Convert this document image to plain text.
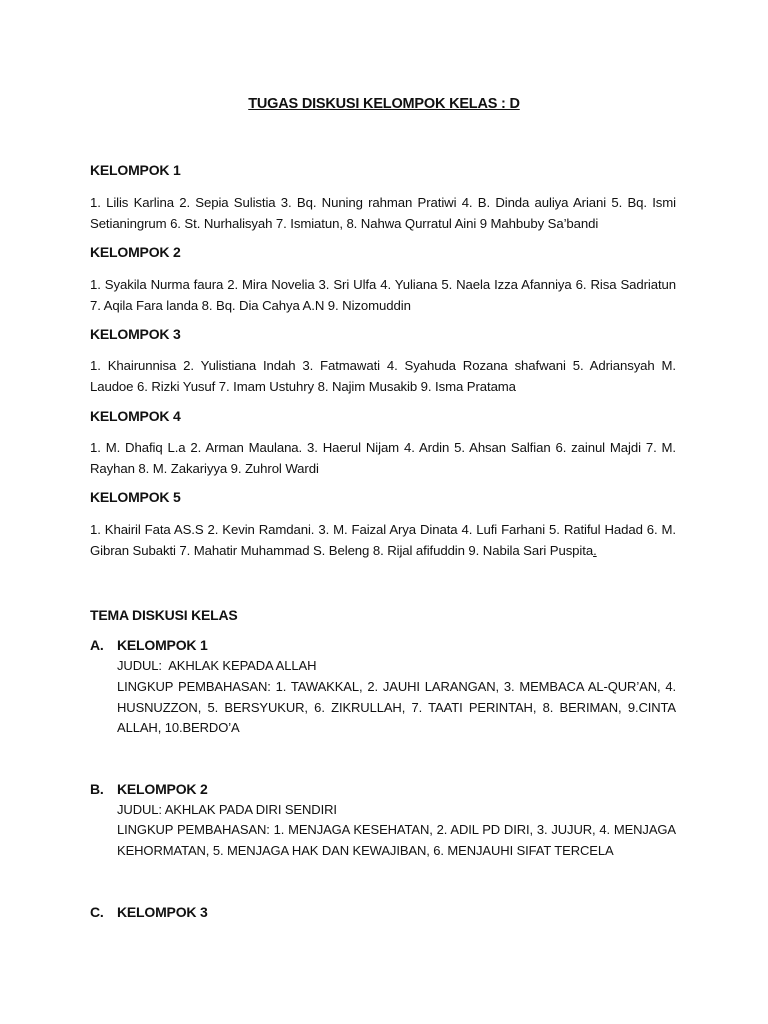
TUGAS DISKUSI KELOMPOK KELAS : D
KELOMPOK 1
1. Lilis Karlina 2. Sepia Sulistia 3. Bq. Nuning rahman Pratiwi 4. B. Dinda auliya Ariani 5. Bq. Ismi Setianingrum 6. St. Nurhalisyah 7. Ismiatun, 8. Nahwa Qurratul Aini 9 Mahbuby Sa’bandi
KELOMPOK 2
1. Syakila Nurma faura 2. Mira Novelia 3. Sri Ulfa 4. Yuliana 5. Naela Izza Afanniya 6. Risa Sadriatun 7. Aqila Fara landa 8. Bq. Dia Cahya A.N 9. Nizomuddin
KELOMPOK 3
1. Khairunnisa 2. Yulistiana Indah 3. Fatmawati 4. Syahuda Rozana shafwani 5. Adriansyah M. Laudoe 6. Rizki Yusuf 7. Imam Ustuhry 8. Najim Musakib 9. Isma Pratama
KELOMPOK 4
1. M. Dhafiq L.a 2. Arman Maulana. 3. Haerul Nijam 4. Ardin 5. Ahsan Salfian 6. zainul Majdi 7. M. Rayhan 8. M. Zakariyya 9. Zuhrol Wardi
KELOMPOK 5
1. Khairil Fata AS.S 2. Kevin Ramdani. 3. M. Faizal Arya Dinata 4. Lufi Farhani 5. Ratiful Hadad 6. M. Gibran Subakti 7. Mahatir Muhammad S. Beleng 8. Rijal afifuddin 9. Nabila Sari Puspita.
TEMA DISKUSI KELAS
A. KELOMPOK 1
JUDUL:  AKHLAK KEPADA ALLAH
LINGKUP PEMBAHASAN: 1. TAWAKKAL, 2. JAUHI LARANGAN, 3. MEMBACA AL-QUR’AN, 4. HUSNUZZON, 5. BERSYUKUR, 6. ZIKRULLAH, 7. TAATI PERINTAH, 8. BERIMAN, 9.CINTA ALLAH, 10.BERDO’A
B. KELOMPOK 2
JUDUL: AKHLAK PADA DIRI SENDIRI
LINGKUP PEMBAHASAN: 1. MENJAGA KESEHATAN, 2. ADIL PD DIRI, 3. JUJUR, 4. MENJAGA KEHORMATAN, 5. MENJAGA HAK DAN KEWAJIBAN, 6. MENJAUHI SIFAT TERCELA
C. KELOMPOK 3
